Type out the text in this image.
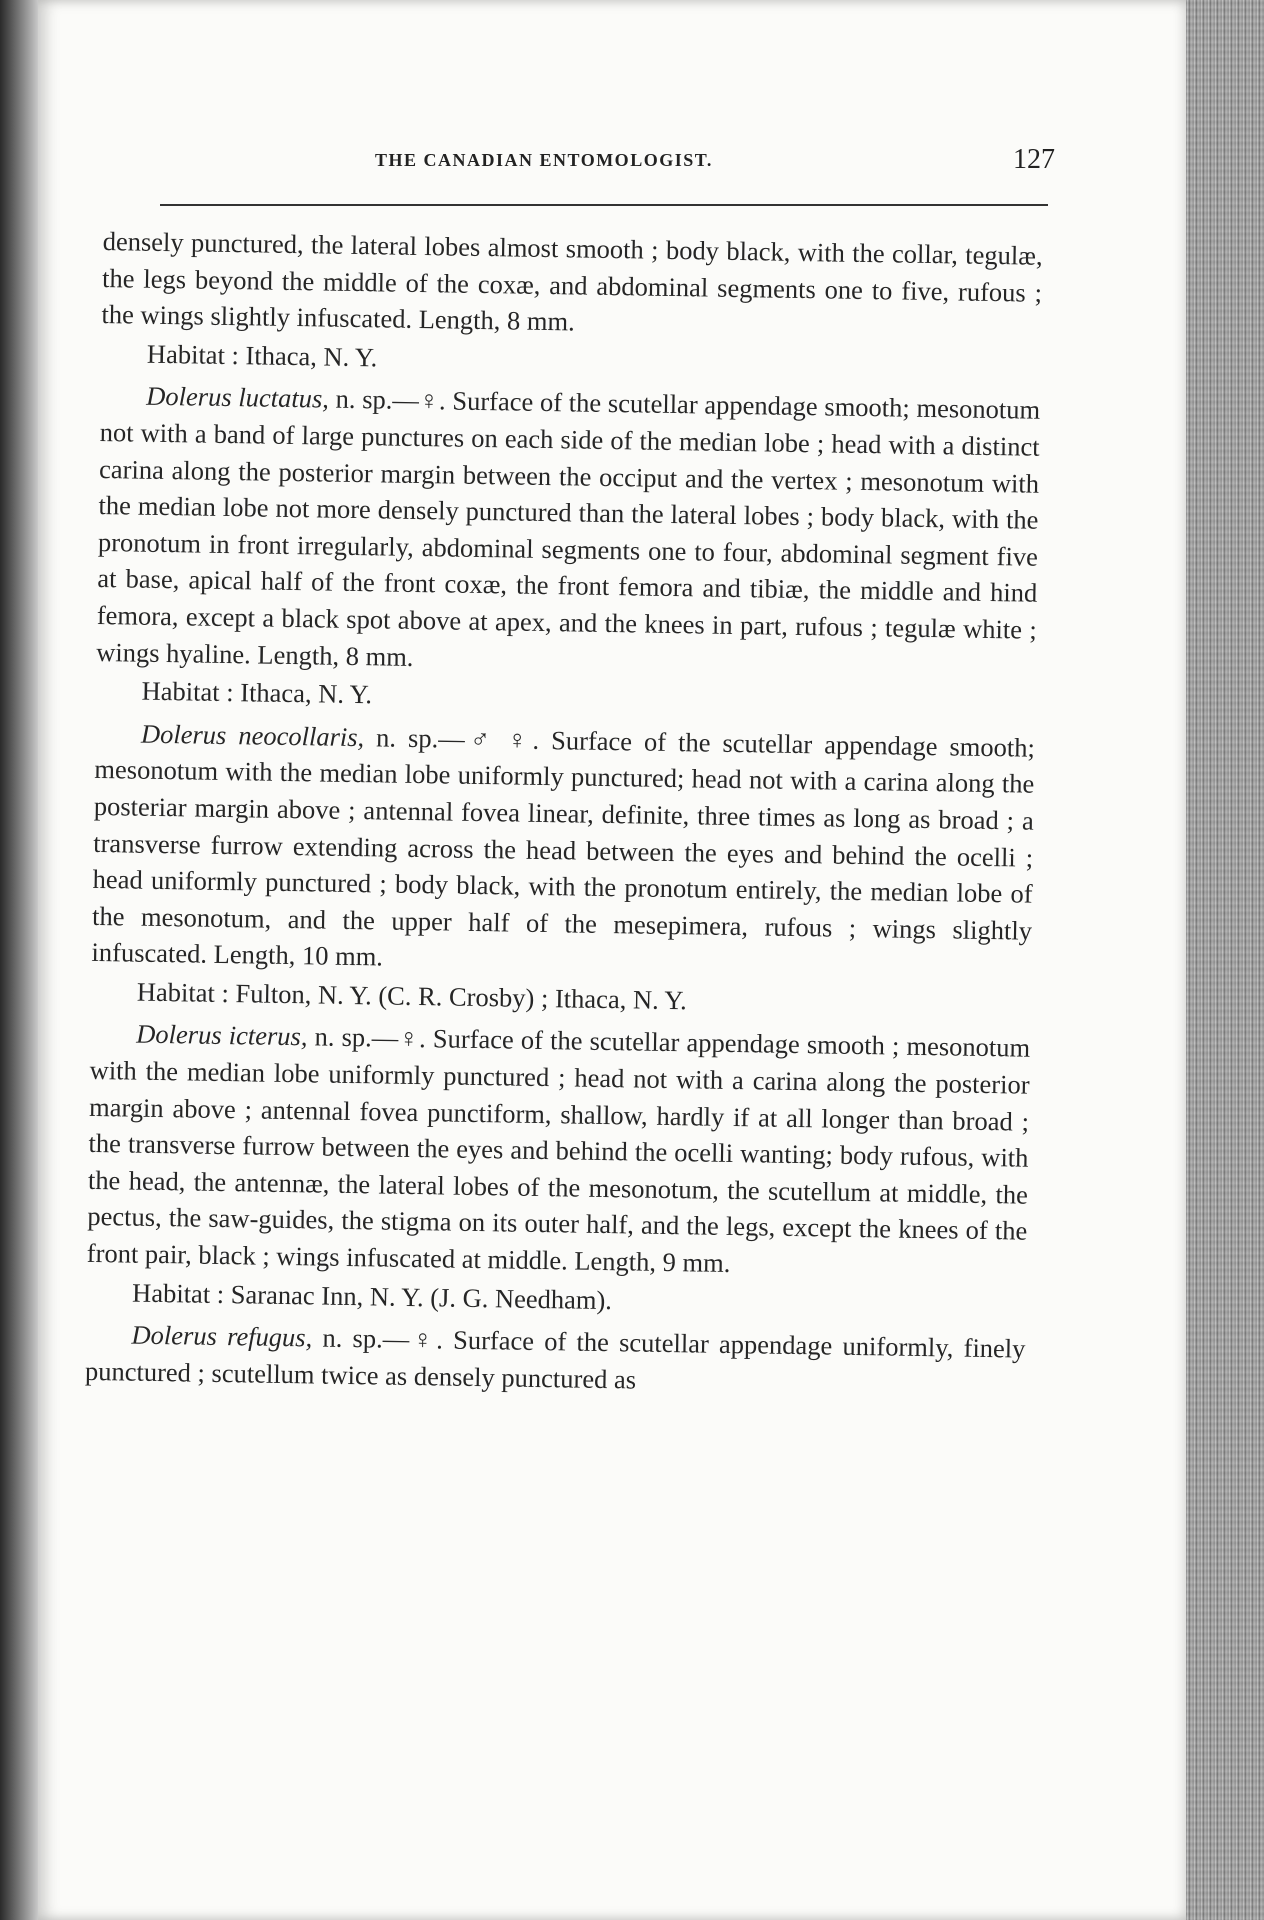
THE CANADIAN ENTOMOLOGIST.	127

densely punctured, the lateral lobes almost smooth ; body black, with the collar, tegulæ, the legs beyond the middle of the coxæ, and abdominal segments one to five, rufous ; the wings slightly infuscated. Length, 8 mm.

Habitat : Ithaca, N. Y.

Dolerus luctatus, n. sp.—♀. Surface of the scutellar appendage smooth; mesonotum not with a band of large punctures on each side of the median lobe ; head with a distinct carina along the posterior margin between the occiput and the vertex ; mesonotum with the median lobe not more densely punctured than the lateral lobes ; body black, with the pronotum in front irregularly, abdominal segments one to four, abdominal segment five at base, apical half of the front coxæ, the front femora and tibiæ, the middle and hind femora, except a black spot above at apex, and the knees in part, rufous ; tegulæ white ; wings hyaline. Length, 8 mm.

Habitat : Ithaca, N. Y.

Dolerus neocollaris, n. sp.—♂ ♀. Surface of the scutellar appendage smooth; mesonotum with the median lobe uniformly punctured; head not with a carina along the posteriar margin above ; antennal fovea linear, definite, three times as long as broad ; a transverse furrow extending across the head between the eyes and behind the ocelli ; head uniformly punctured ; body black, with the pronotum entirely, the median lobe of the mesonotum, and the upper half of the mesepimera, rufous ; wings slightly infuscated. Length, 10 mm.

Habitat : Fulton, N. Y. (C. R. Crosby) ; Ithaca, N. Y.

Dolerus icterus, n. sp.—♀. Surface of the scutellar appendage smooth ; mesonotum with the median lobe uniformly punctured ; head not with a carina along the posterior margin above ; antennal fovea punctiform, shallow, hardly if at all longer than broad ; the transverse furrow between the eyes and behind the ocelli wanting; body rufous, with the head, the antennæ, the lateral lobes of the mesonotum, the scutellum at middle, the pectus, the saw-guides, the stigma on its outer half, and the legs, except the knees of the front pair, black ; wings infuscated at middle. Length, 9 mm.

Habitat : Saranac Inn, N. Y. (J. G. Needham).

Dolerus refugus, n. sp.—♀. Surface of the scutellar appendage uniformly, finely punctured ; scutellum twice as densely punctured as
